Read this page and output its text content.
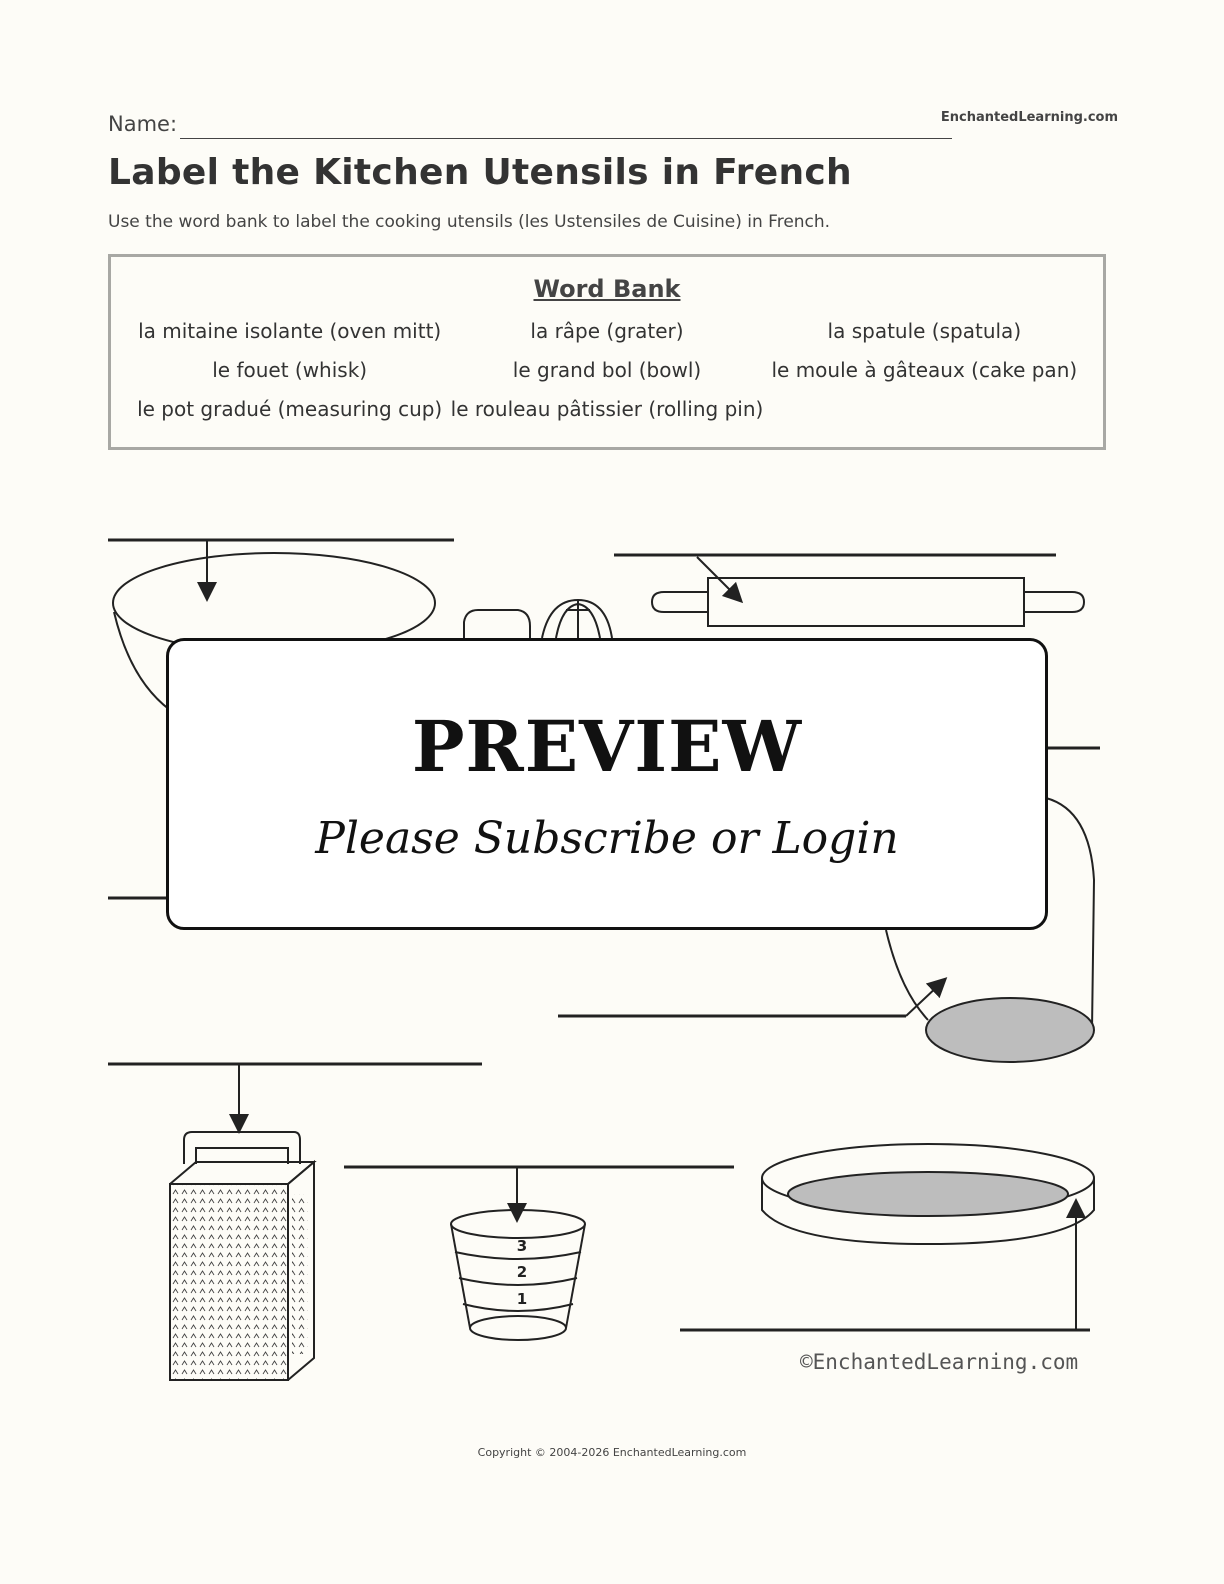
Name:	EnchantedLearning.com
Label the Kitchen Utensils in French
Use the word bank to label the cooking utensils (les Ustensiles de Cuisine) in French.
Word Bank
la mitaine isolante (oven mitt)	la râpe (grater)	la spatule (spatula)
le fouet (whisk)	le grand bol (bowl)	le moule à gâteaux (cake pan)
le pot gradué (measuring cup) le rouleau pâtissier (rolling pin)
3
2
1
©EnchantedLearning.com
PREVIEW
Please Subscribe or Login
Copyright © 2004-2026 EnchantedLearning.com
